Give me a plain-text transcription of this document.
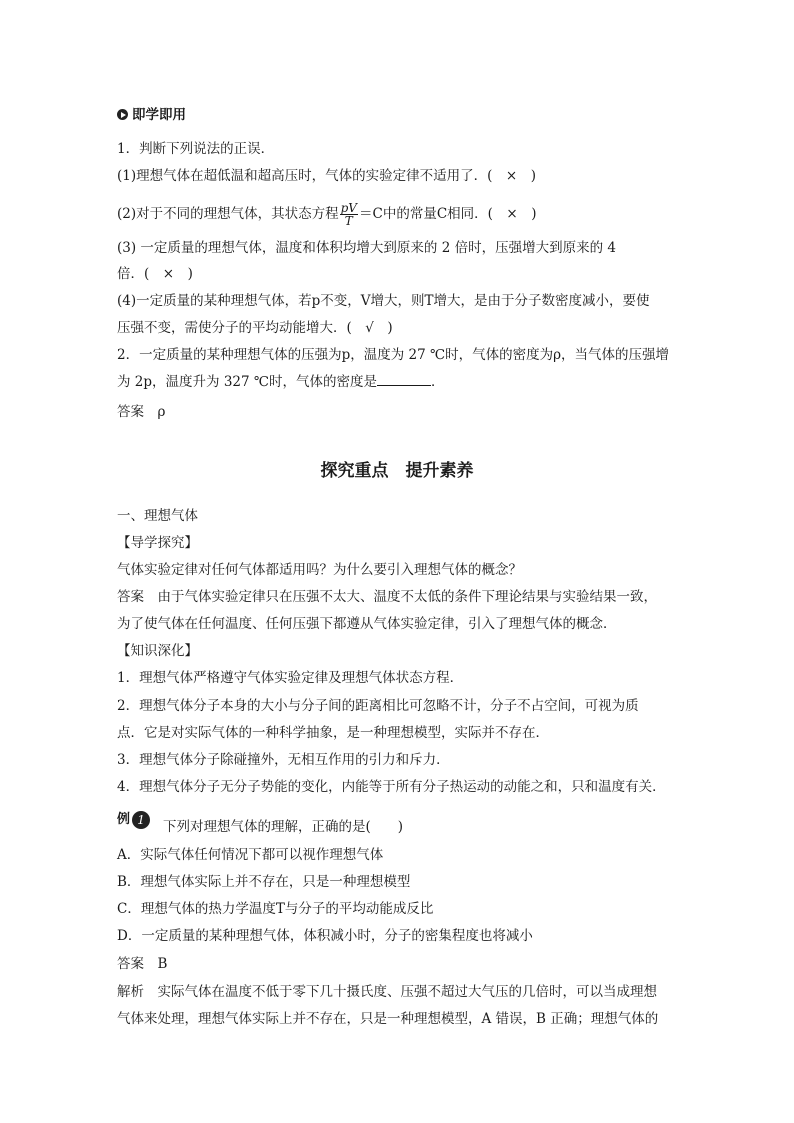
即学即用
1．判断下列说法的正误．
(1)理想气体在超低温和超高压时，气体的实验定律不适用了．(　×　)
(2)对于不同的理想气体，其状态方程 $\frac{pV}{T} =C$中的常量C相同．(　×　)
(3) 一定质量的理想气体，温度和体积均增大到原来的 2 倍时，压强增大到原来的 4
倍．(　×　)
(4)一定质量的某种理想气体，若p不变，V增大，则T增大，是由于分子数密度减小，要使
压强不变，需使分子的平均动能增大．(　√　)
2．一定质量的某种理想气体的压强为p，温度为 27 ℃时，气体的密度为ρ，当气体的压强增
为 2p，温度升为 327 ℃时，气体的密度是	．
答案　ρ
探究重点　提升素养
一、理想气体
【导学探究】
气体实验定律对任何气体都适用吗？为什么要引入理想气体的概念？
答案　由于气体实验定律只在压强不太大、温度不太低的条件下理论结果与实验结果一致，
为了使气体在任何温度、任何压强下都遵从气体实验定律，引入了理想气体的概念．
【知识深化】
1．理想气体严格遵守气体实验定律及理想气体状态方程．
2．理想气体分子本身的大小与分子间的距离相比可忽略不计，分子不占空间，可视为质
点．它是对实际气体的一种科学抽象，是一种理想模型，实际并不存在．
3．理想气体分子除碰撞外，无相互作用的引力和斥力．
4．理想气体分子无分子势能的变化，内能等于所有分子热运动的动能之和，只和温度有关．
例 1	下列对理想气体的理解，正确的是(　　)
A．实际气体任何情况下都可以视作理想气体
B．理想气体实际上并不存在，只是一种理想模型
C．理想气体的热力学温度T与分子的平均动能成反比
D．一定质量的某种理想气体，体积减小时，分子的密集程度也将减小
答案　B
解析　实际气体在温度不低于零下几十摄氏度、压强不超过大气压的几倍时，可以当成理想
气体来处理，理想气体实际上并不存在，只是一种理想模型，A 错误，B 正确；理想气体的
